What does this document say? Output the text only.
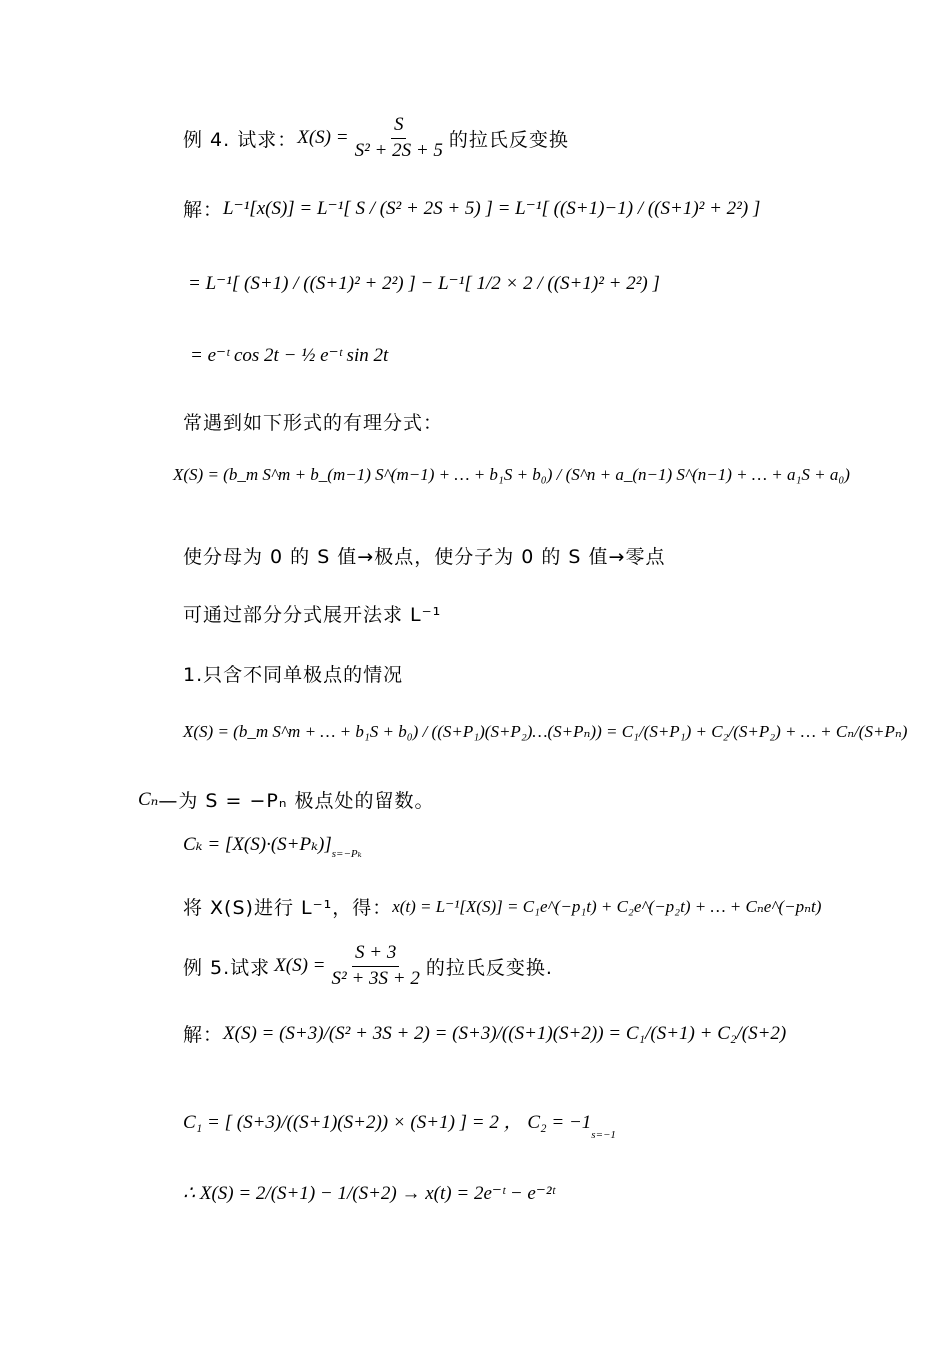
例 4. 试求： $X(S) = \frac{S}{\text{S² + 2S + 5}}$ 的拉氏反变换
解： L⁻¹[x(S)] = L⁻¹[ S / (S² + 2S + 5) ] = L⁻¹[ ((S+1)−1) / ((S+1)² + 2²) ]
= L⁻¹[ (S+1) / ((S+1)² + 2²) ] − L⁻¹[ 1/2 × 2 / ((S+1)² + 2²) ]
= e⁻ᵗ cos 2t − ½ e⁻ᵗ sin 2t
常遇到如下形式的有理分式：
X(S) = (b_m S^m + b_(m−1) S^(m−1) + … + b₁S + b₀) / (S^n + a_(n−1) S^(n−1) + … + a₁S + a₀)
使分母为 0 的 S 值→极点，使分子为 0 的 S 值→零点
可通过部分分式展开法求 L⁻¹
1.只含不同单极点的情况
X(S) = (b_m S^m + … + b₁S + b₀) / ((S+P₁)(S+P₂)…(S+Pₙ)) = C₁/(S+P₁) + C₂/(S+P₂) + … + Cₙ/(S+Pₙ)
Cₙ —为 S = −Pₙ 极点处的留数。
Cₖ = [X(S)·(S+Pₖ)] s=−Pₖ
将 X(S)进行 L⁻¹，得： x(t) = L⁻¹[X(S)] = C₁e^(−p₁t) + C₂e^(−p₂t) + … + Cₙe^(−pₙt)
例 5.试求 $X(S) = \frac{S + 3}{\text{S² + 3S + 2}}$ 的拉氏反变换.
解： X(S) = (S+3)/(S² + 3S + 2) = (S+3)/((S+1)(S+2)) = C₁/(S+1) + C₂/(S+2)
C₁ = [ (S+3)/((S+1)(S+2)) × (S+1) ] = 2 ， C₂ = −1
s=−1
∴ X(S) = 2/(S+1) − 1/(S+2) → x(t) = 2e⁻ᵗ − e⁻²ᵗ
